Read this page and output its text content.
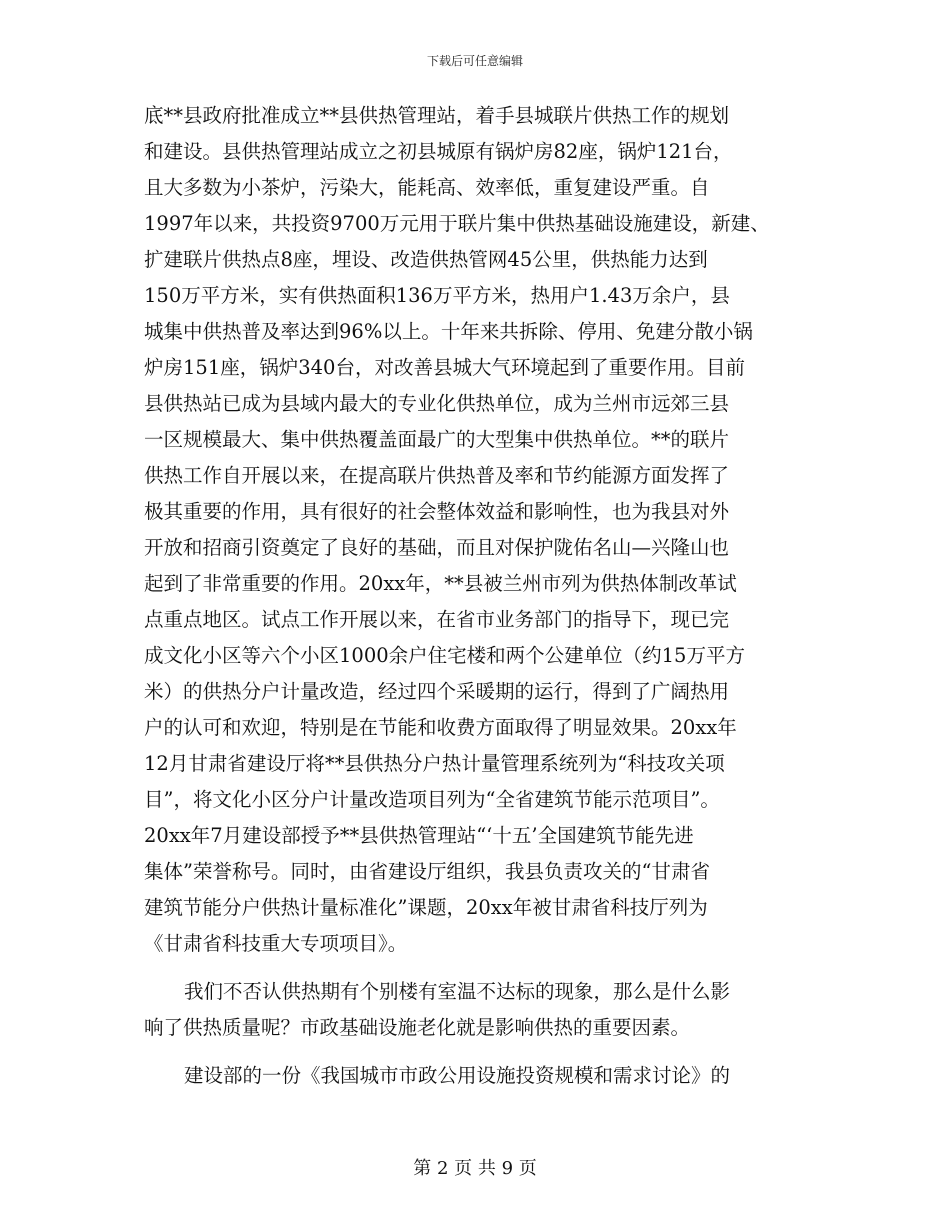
下载后可任意编辑
底**县政府批准成立**县供热管理站，着手县城联片供热工作的规划
和建设。县供热管理站成立之初县城原有锅炉房82座，锅炉121台，
且大多数为小茶炉，污染大，能耗高、效率低，重复建设严重。自
1997年以来，共投资9700万元用于联片集中供热基础设施建设，新建、
扩建联片供热点8座，埋设、改造供热管网45公里，供热能力达到
150万平方米，实有供热面积136万平方米，热用户1.43万余户，县
城集中供热普及率达到96%以上。十年来共拆除、停用、免建分散小锅
炉房151座，锅炉340台，对改善县城大气环境起到了重要作用。目前
县供热站已成为县域内最大的专业化供热单位，成为兰州市远郊三县
一区规模最大、集中供热覆盖面最广的大型集中供热单位。**的联片
供热工作自开展以来，在提高联片供热普及率和节约能源方面发挥了
极其重要的作用，具有很好的社会整体效益和影响性，也为我县对外
开放和招商引资奠定了良好的基础，而且对保护陇佑名山—兴隆山也
起到了非常重要的作用。20xx年，**县被兰州市列为供热体制改革试
点重点地区。试点工作开展以来，在省市业务部门的指导下，现已完
成文化小区等六个小区1000余户住宅楼和两个公建单位（约15万平方
米）的供热分户计量改造，经过四个采暖期的运行，得到了广阔热用
户的认可和欢迎，特别是在节能和收费方面取得了明显效果。20xx年
12月甘肃省建设厅将**县供热分户热计量管理系统列为“科技攻关项
目”，将文化小区分户计量改造项目列为“全省建筑节能示范项目”。
20xx年7月建设部授予**县供热管理站“‘十五’全国建筑节能先进
集体”荣誉称号。同时，由省建设厅组织，我县负责攻关的“甘肃省
建筑节能分户供热计量标准化”课题，20xx年被甘肃省科技厅列为
《甘肃省科技重大专项项目》。
我们不否认供热期有个别楼有室温不达标的现象，那么是什么影
响了供热质量呢？市政基础设施老化就是影响供热的重要因素。
建设部的一份《我国城市市政公用设施投资规模和需求讨论》的
第 2 页 共 9 页
